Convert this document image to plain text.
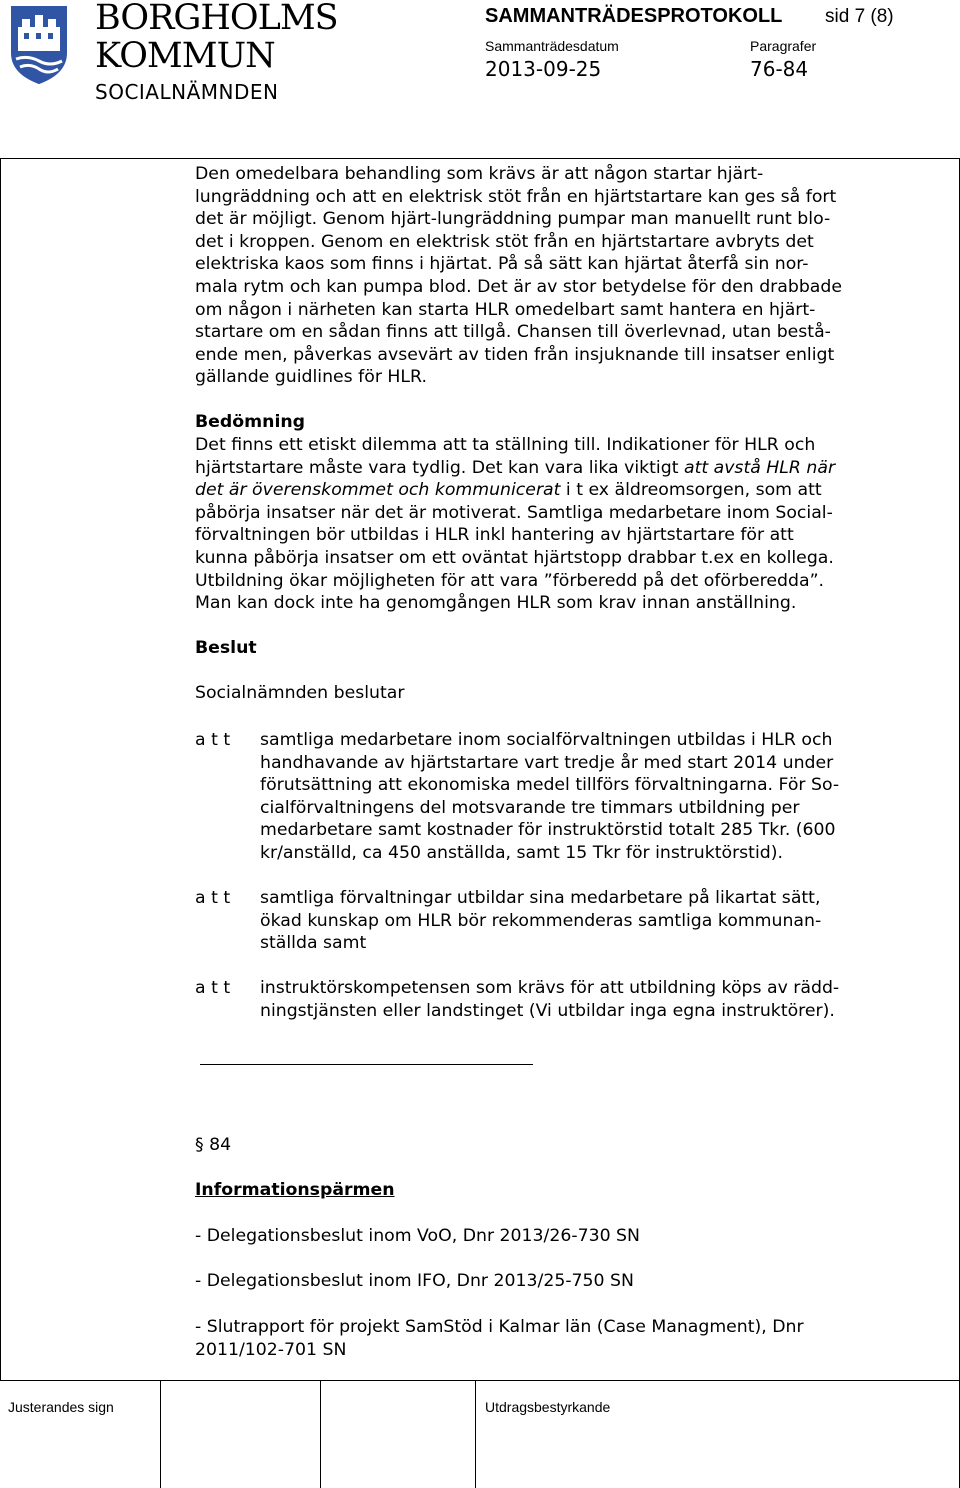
BORGHOLMS
KOMMUN
SOCIALNÄMNDEN
SAMMANTRÄDESPROTOKOLL sid 7 (8)
Sammanträdesdatum	Paragrafer
2013-09-25	76-84
Den omedelbara behandling som krävs är att någon startar hjärt-
lungräddning och att en elektrisk stöt från en hjärtstartare kan ges så fort
det är möjligt. Genom hjärt-lungräddning pumpar man manuellt runt blo-
det i kroppen. Genom en elektrisk stöt från en hjärtstartare avbryts det
elektriska kaos som finns i hjärtat. På så sätt kan hjärtat återfå sin nor-
mala rytm och kan pumpa blod. Det är av stor betydelse för den drabbade
om någon i närheten kan starta HLR omedelbart samt hantera en hjärt-
startare om en sådan finns att tillgå. Chansen till överlevnad, utan bestå-
ende men, påverkas avsevärt av tiden från insjuknande till insatser enligt
gällande guidlines för HLR.
Bedömning
Det finns ett etiskt dilemma att ta ställning till. Indikationer för HLR och
hjärtstartare måste vara tydlig. Det kan vara lika viktigt att avstå HLR när
det är överenskommet och kommunicerat i t ex äldreomsorgen, som att
påbörja insatser när det är motiverat. Samtliga medarbetare inom Social-
förvaltningen bör utbildas i HLR inkl hantering av hjärtstartare för att
kunna påbörja insatser om ett oväntat hjärtstopp drabbar t.ex en kollega.
Utbildning ökar möjligheten för att vara ”förberedd på det oförberedda”.
Man kan dock inte ha genomgången HLR som krav innan anställning.
Beslut
Socialnämnden beslutar
a t t samtliga medarbetare inom socialförvaltningen utbildas i HLR och
handhavande av hjärtstartare vart tredje år med start 2014 under
förutsättning att ekonomiska medel tillförs förvaltningarna. För So-
cialförvaltningens del motsvarande tre timmars utbildning per
medarbetare samt kostnader för instruktörstid totalt 285 Tkr. (600
kr/anställd, ca 450 anställda, samt 15 Tkr för instruktörstid).
a t t samtliga förvaltningar utbildar sina medarbetare på likartat sätt,
ökad kunskap om HLR bör rekommenderas samtliga kommunan-
ställda samt
a t t instruktörskompetensen som krävs för att utbildning köps av rädd-
ningstjänsten eller landstinget (Vi utbildar inga egna instruktörer).
§ 84
Informationspärmen
- Delegationsbeslut inom VoO, Dnr 2013/26-730 SN
- Delegationsbeslut inom IFO, Dnr 2013/25-750 SN
- Slutrapport för projekt SamStöd i Kalmar län (Case Managment), Dnr
2011/102-701 SN
Justerandes sign	Utdragsbestyrkande
